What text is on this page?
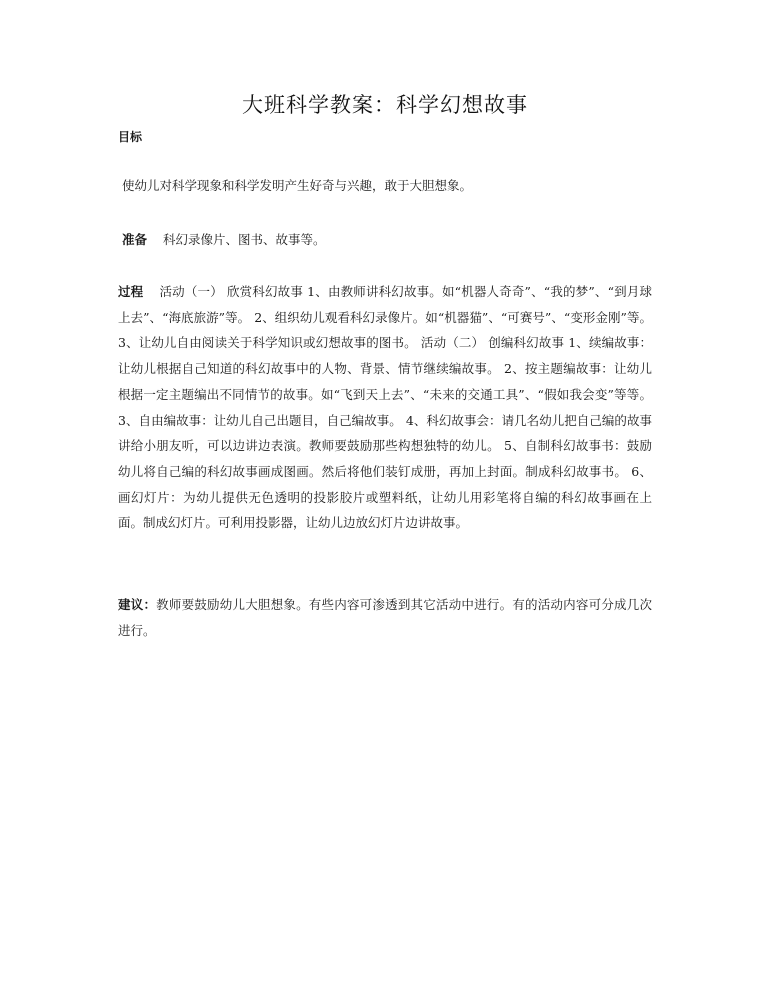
大班科学教案：科学幻想故事
目标
使幼儿对科学现象和科学发明产生好奇与兴趣，敢于大胆想象。
准备 科幻录像片、图书、故事等。
过程 活动（一） 欣赏科幻故事 1、由教师讲科幻故事。如“机器人奇奇”、“我的梦”、“到月球上去”、“海底旅游”等。 2、组织幼儿观看科幻录像片。如“机器猫”、“可赛号”、“变形金刚”等。 3、让幼儿自由阅读关于科学知识或幻想故事的图书。 活动（二） 创编科幻故事 1、续编故事：让幼儿根据自己知道的科幻故事中的人物、背景、情节继续编故事。 2、按主题编故事：让幼儿根据一定主题编出不同情节的故事。如“飞到天上去”、“未来的交通工具”、“假如我会变”等等。 3、自由编故事：让幼儿自己出题目，自己编故事。 4、科幻故事会：请几名幼儿把自己编的故事讲给小朋友听，可以边讲边表演。教师要鼓励那些构想独特的幼儿。 5、自制科幻故事书：鼓励幼儿将自己编的科幻故事画成图画。然后将他们装钉成册，再加上封面。制成科幻故事书。 6、画幻灯片：为幼儿提供无色透明的投影胶片或塑料纸，让幼儿用彩笔将自编的科幻故事画在上面。制成幻灯片。可利用投影器，让幼儿边放幻灯片边讲故事。
建议：教师要鼓励幼儿大胆想象。有些内容可渗透到其它活动中进行。有的活动内容可分成几次进行。
